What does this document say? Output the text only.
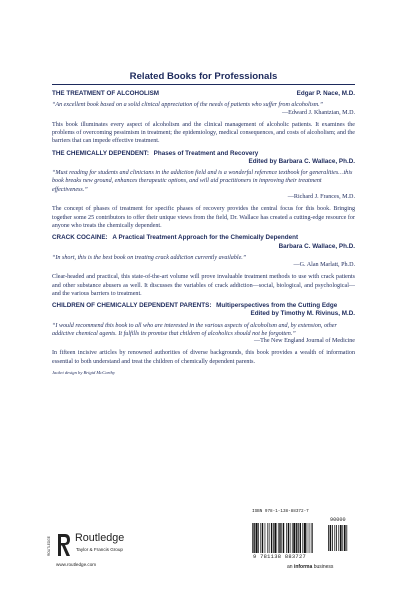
Related Books for Professionals
THE TREATMENT OF ALCOHOLISM	Edgar P. Nace, M.D.
“An excellent book based on a solid clinical appreciation of the needs of patients who suffer from alcoholism.”
—Edward J. Khantzian, M.D.
This book illuminates every aspect of alcoholism and the clinical management of alcoholic patients. It examines the problems of overcoming pessimism in treatment; the epidemiology, medical consequences, and costs of alcoholism; and the barriers that can impede effective treatment.
THE CHEMICALLY DEPENDENT: Phases of Treatment and Recovery
Edited by Barbara C. Wallace, Ph.D.
“Must reading for students and clinicians in the addiction field and is a wonderful reference textbook for generalities…this book breaks new ground, enhances therapeutic options, and will aid practitioners in improving their treatment effectiveness.”
—Richard J. Frances, M.D.
The concept of phases of treatment for specific phases of recovery provides the central focus for this book. Bringing together some 25 contributors to offer their unique views from the field, Dr. Wallace has created a cutting-edge resource for anyone who treats the chemically dependent.
CRACK COCAINE: A Practical Treatment Approach for the Chemically Dependent
Barbara C. Wallace, Ph.D.
“In short, this is the best book on treating crack addiction currently available.”
—G. Alan Marlatt, Ph.D.
Clear-headed and practical, this state-of-the-art volume will prove invaluable treatment methods to use with crack patients and other substance abusers as well. It discusses the variables of crack addiction—social, biological, and psychological—and the various barriers to treatment.
CHILDREN OF CHEMICALLY DEPENDENT PARENTS: Multiperspectives from the Cutting Edge
Edited by Timothy M. Rivinus, M.D.
“I would recommend this book to all who are interested in the various aspects of alcoholism and, by extension, other addictive chemical agents. It fulfills its promise that children of alcoholics should not be forgotten.”
—The New England Journal of Medicine
In fifteen incisive articles by renowned authorities of diverse backgrounds, this book provides a wealth of information essential to both understand and treat the children of chemically dependent parents.
Jacket design by Brigid McCarthy
ROUTLEDGE Routledge
Taylor & Francis Group
www.routledge.com
ISBN 978-1-138-88372-7
90000
9 781138 883727
an informa business
